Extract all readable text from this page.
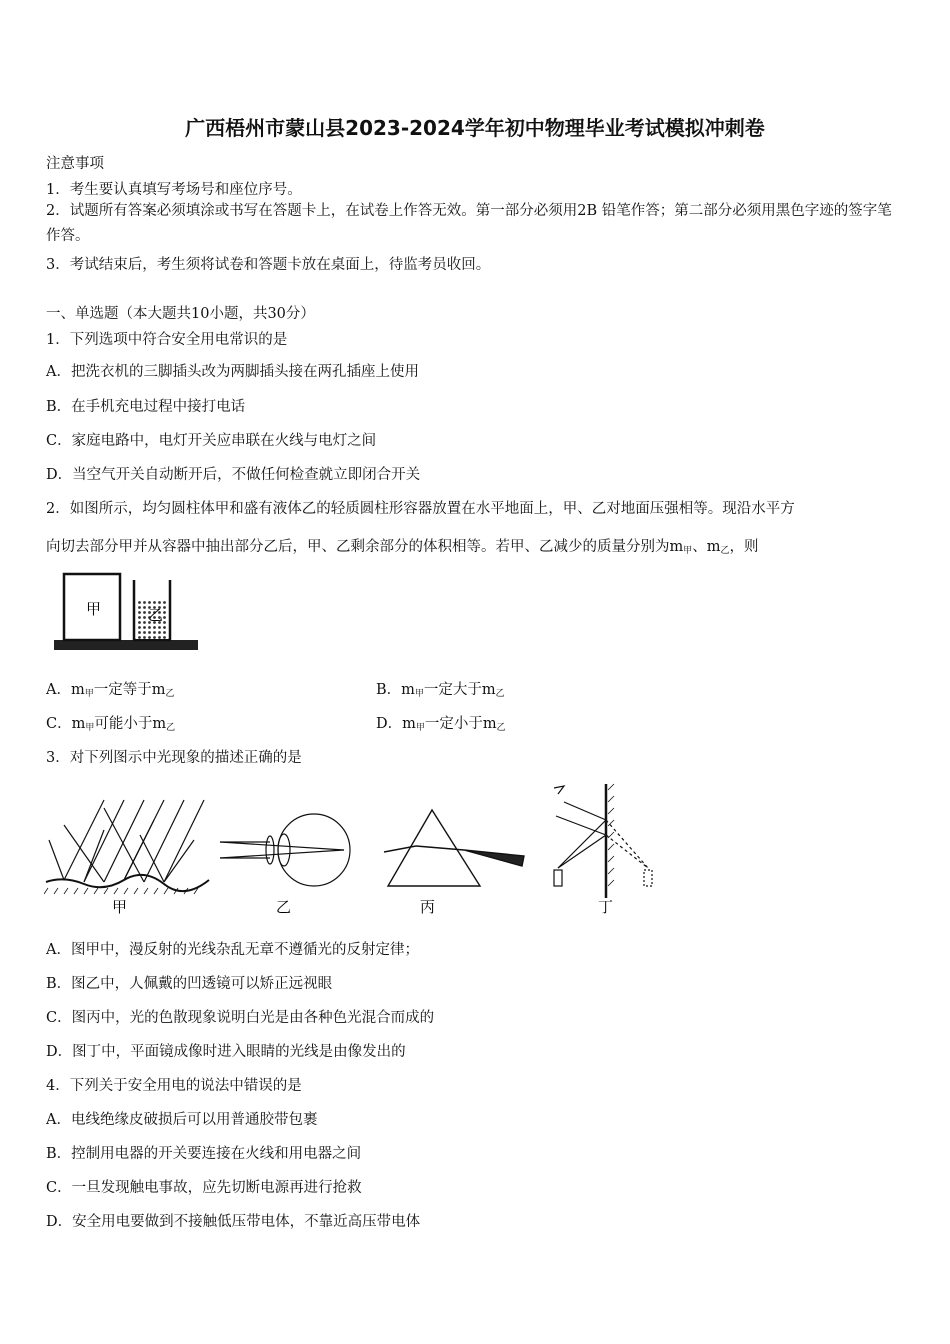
广西梧州市蒙山县2023-2024学年初中物理毕业考试模拟冲刺卷
注意事项
1．考生要认真填写考场号和座位序号。
2．试题所有答案必须填涂或书写在答题卡上，在试卷上作答无效。第一部分必须用2B 铅笔作答；第二部分必须用黑色字迹的签字笔作答。
3．考试结束后，考生须将试卷和答题卡放在桌面上，待监考员收回。
一、单选题（本大题共10小题，共30分）
1．下列选项中符合安全用电常识的是
A．把洗衣机的三脚插头改为两脚插头接在两孔插座上使用
B．在手机充电过程中接打电话
C．家庭电路中，电灯开关应串联在火线与电灯之间
D．当空气开关自动断开后，不做任何检查就立即闭合开关
2．如图所示，均匀圆柱体甲和盛有液体乙的轻质圆柱形容器放置在水平地面上，甲、乙对地面压强相等。现沿水平方
向切去部分甲并从容器中抽出部分乙后，甲、乙剩余部分的体积相等。若甲、乙减少的质量分别为$m_甲$、$m_乙$，则
甲	乙
A．$m_甲$一定等于$m_乙$	B．$m_甲$一定大于$m_乙$
C．$m_甲$可能小于$m_乙$	D．$m_甲$一定小于$m_乙$
3．对下列图示中光现象的描述正确的是
甲	乙	丙	丁
A．图甲中，漫反射的光线杂乱无章不遵循光的反射定律；
B．图乙中，人佩戴的凹透镜可以矫正远视眼
C．图丙中，光的色散现象说明白光是由各种色光混合而成的
D．图丁中，平面镜成像时进入眼睛的光线是由像发出的
4．下列关于安全用电的说法中错误的是
A．电线绝缘皮破损后可以用普通胶带包裹
B．控制用电器的开关要连接在火线和用电器之间
C．一旦发现触电事故，应先切断电源再进行抢救
D．安全用电要做到不接触低压带电体，不靠近高压带电体
